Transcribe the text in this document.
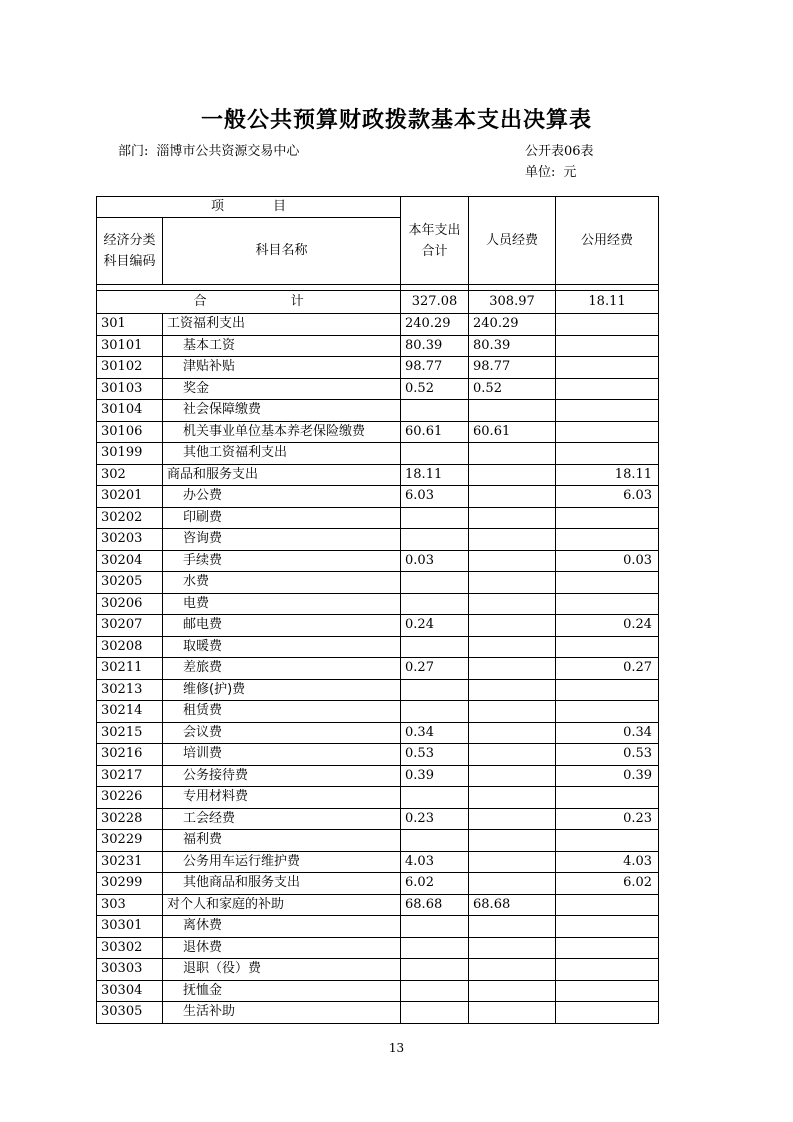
一般公共预算财政拨款基本支出决算表
部门: 淄博市公共资源交易中心	公开表06表
单位: 元
项　目		本年支出合计	人员经费	公用经费
经济分类科目编码	科目名称			

合 计		327.08	308.97	18.11
301	工资福利支出	240.29	240.29	
30101	基本工资	80.39	80.39	
30102	津贴补贴	98.77	98.77	
30103	奖金	0.52	0.52	
30104	社会保障缴费			
30106	机关事业单位基本养老保险缴费	60.61	60.61	
30199	其他工资福利支出			
302	商品和服务支出	18.11		18.11
30201	办公费	6.03		6.03
30202	印刷费			
30203	咨询费			
30204	手续费	0.03		0.03
30205	水费			
30206	电费			
30207	邮电费	0.24		0.24
30208	取暖费			
30211	差旅费	0.27		0.27
30213	维修(护)费			
30214	租赁费			
30215	会议费	0.34		0.34
30216	培训费	0.53		0.53
30217	公务接待费	0.39		0.39
30226	专用材料费			
30228	工会经费	0.23		0.23
30229	福利费			
30231	公务用车运行维护费	4.03		4.03
30299	其他商品和服务支出	6.02		6.02
303	对个人和家庭的补助	68.68	68.68	
30301	离休费			
30302	退休费			
30303	退职（役）费			
30304	抚恤金			
30305	生活补助			
13
